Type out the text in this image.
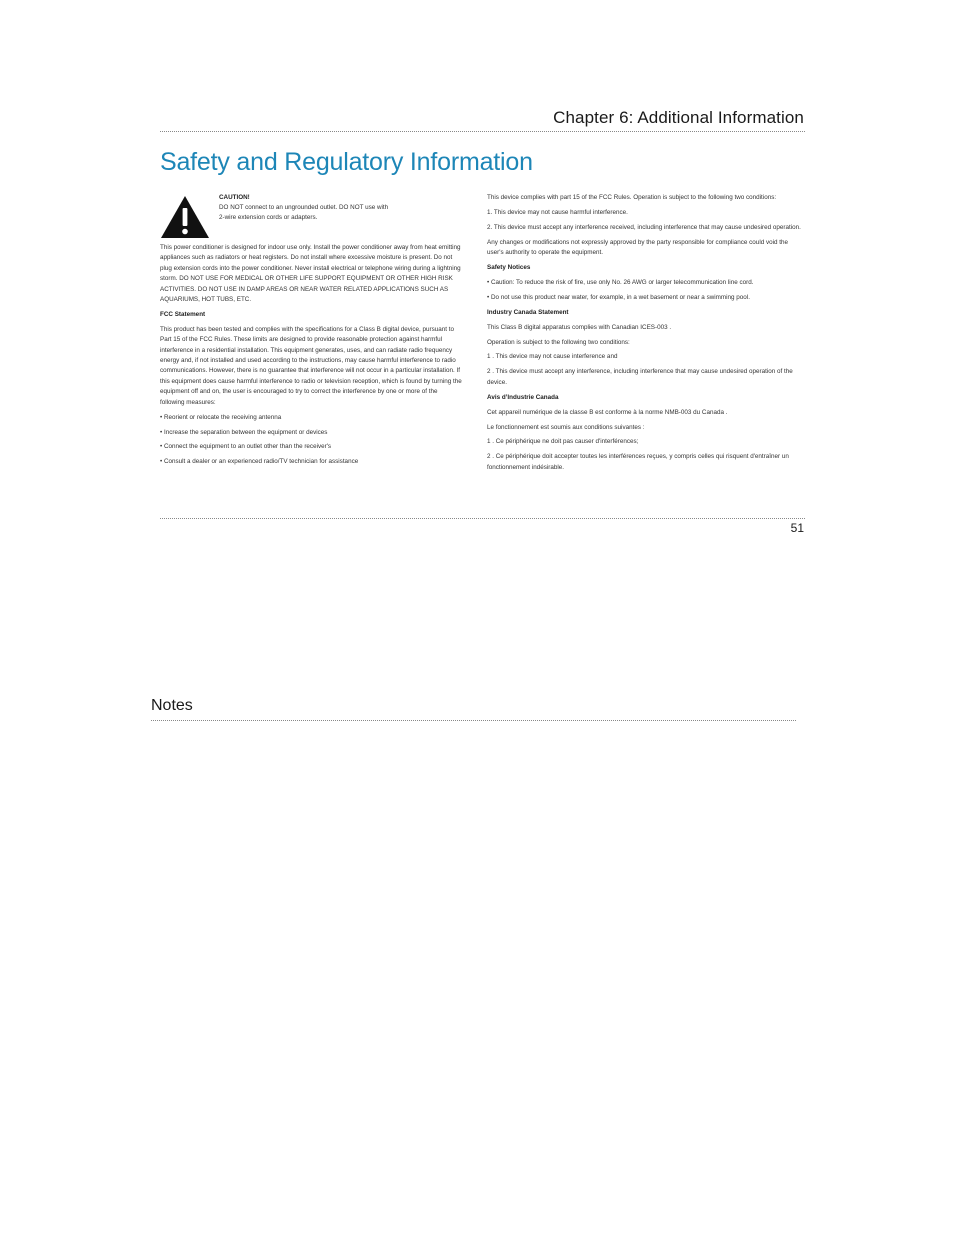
Chapter 6: Additional Information
Safety and Regulatory Information

CAUTION!

DO NOT connect to an ungrounded outlet. DO NOT use with

2-wire extension cords or adapters.

This power conditioner is designed for indoor use only. Install the power conditioner away from heat emitting appliances such as radiators or heat registers. Do not install where excessive moisture is present. Do not plug extension cords into the power conditioner. Never install electrical or telephone wiring during a lightning storm. DO NOT USE FOR MEDICAL OR OTHER LIFE SUPPORT EQUIPMENT OR OTHER HIGH RISK ACTIVITIES. DO NOT USE IN DAMP AREAS OR NEAR WATER RELATED APPLICATIONS SUCH AS AQUARIUMS, HOT TUBS, ETC.

FCC Statement

This product has been tested and complies with the specifications for a Class B digital device, pursuant to Part 15 of the FCC Rules. These limits are designed to provide reasonable protection against harmful interference in a residential installation. This equipment generates, uses, and can radiate radio frequency energy and, if not installed and used according to the instructions, may cause harmful interference to radio communications. However, there is no guarantee that interference will not occur in a particular installation. If this equipment does cause harmful interference to radio or television reception, which is found by turning the equipment off and on, the user is encouraged to try to correct the interference by one or more of the following measures:

• Reorient or relocate the receiving antenna

• Increase the separation between the equipment or devices

• Connect the equipment to an outlet other than the receiver's

• Consult a dealer or an experienced radio/TV technician for assistance

This device complies with part 15 of the FCC Rules. Operation is subject to the following two conditions:

1. This device may not cause harmful interference.

2. This device must accept any interference received, including interference that may cause undesired operation.

Any changes or modifications not expressly approved by the party responsible for compliance could void the user's authority to operate the equipment.

Safety Notices

• Caution: To reduce the risk of fire, use only No. 26 AWG or larger telecommunication line cord.

• Do not use this product near water, for example, in a wet basement or near a swimming pool.

Industry Canada Statement

This Class B digital apparatus complies with Canadian ICES-003 .

Operation is subject to the following two conditions:

1 . This device may not cause interference and

2 . This device must accept any interference, including interference that may cause undesired operation of the device.

Avis d’Industrie Canada

Cet appareil numérique de la classe B est conforme à la norme NMB-003 du Canada .

Le fonctionnement est soumis aux conditions suivantes :

1 . Ce périphérique ne doit pas causer d'interférences;

2 . Ce périphérique doit accepter toutes les interférences reçues, y compris celles qui risquent d'entraîner un fonctionnement indésirable.

51
Notes
